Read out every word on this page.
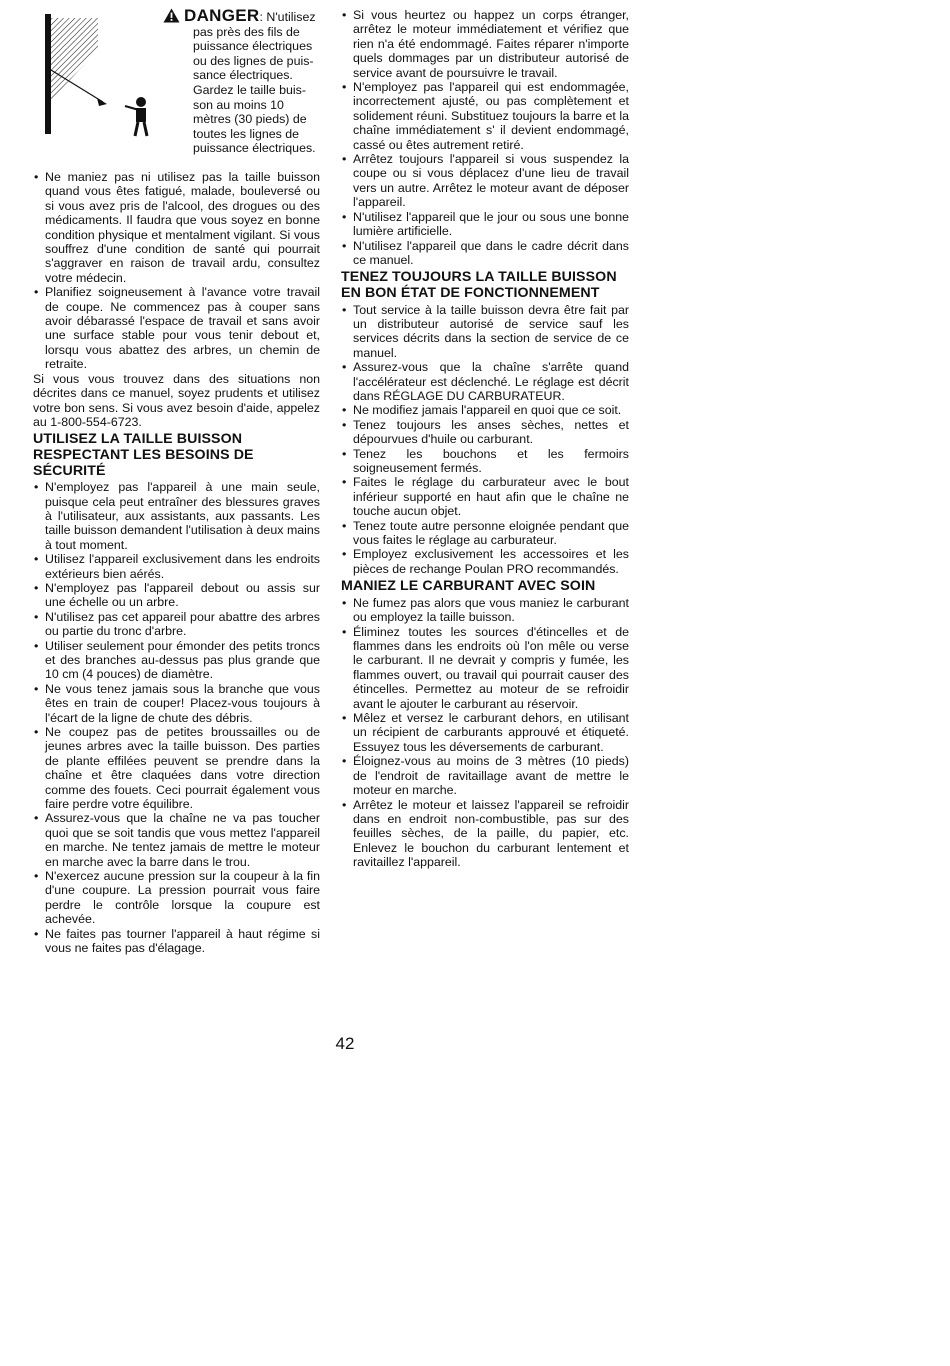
DANGER: N'utilisez

pas près des fils de

puissance électriques

ou des lignes de puis-

sance électriques.

Gardez le taille buis-

son au moins 10

mètres (30 pieds) de

toutes les lignes de

puissance électriques.

• Ne maniez pas ni utilisez pas la taille buisson quand vous êtes fatigué, malade, bouleversé ou si vous avez pris de l'alcool, des drogues ou des médicaments. Il faudra que vous soyez en bonne condition physique et mentalment vigilant. Si vous souffrez d'une condition de santé qui pourrait s'aggraver en raison de travail ardu, consultez votre médecin.
• Planifiez soigneusement à l'avance votre travail de coupe. Ne commencez pas à couper sans avoir débarassé l'espace de travail et sans avoir une surface stable pour vous tenir debout et, lorsqu vous abattez des arbres, un chemin de retraite.

Si vous vous trouvez dans des situations non décrites dans ce manuel, soyez prudents et utilisez votre bon sens. Si vous avez besoin d'aide, appelez au 1-800-554-6723.

UTILISEZ LA TAILLE BUISSON RESPECTANT LES BESOINS DE SÉCURITÉ
• N'employez pas l'appareil à une main seule, puisque cela peut entraîner des blessures graves à l'utilisateur, aux assistants, aux passants. Les taille buisson demandent l'utilisation à deux mains à tout moment.
• Utilisez l'appareil exclusivement dans les endroits extérieurs bien aérés.
• N'employez pas l'appareil debout ou assis sur une échelle ou un arbre.
• N'utilisez pas cet appareil pour abattre des arbres ou partie du tronc d'arbre.
• Utiliser seulement pour émonder des petits troncs et des branches au-dessus pas plus grande que 10 cm (4 pouces) de diamètre.
• Ne vous tenez jamais sous la branche que vous êtes en train de couper! Placez-vous toujours à l'écart de la ligne de chute des débris.
• Ne coupez pas de petites broussailles ou de jeunes arbres avec la taille buisson. Des parties de plante effilées peuvent se prendre dans la chaîne et être claquées dans votre direction comme des fouets. Ceci pourrait également vous faire perdre votre équilibre.
• Assurez-vous que la chaîne ne va pas toucher quoi que se soit tandis que vous mettez l'appareil en marche. Ne tentez jamais de mettre le moteur en marche avec la barre dans le trou.
• N'exercez aucune pression sur la coupeur à la fin d'une coupure. La pression pourrait vous faire perdre le contrôle lorsque la coupure est achevée.
• Ne faites pas tourner l'appareil à haut régime si vous ne faites pas d'élagage.
• Si vous heurtez ou happez un corps étranger, arrêtez le moteur immédiatement et vérifiez que rien n'a été endommagé. Faites réparer n'importe quels dommages par un distributeur autorisé de service avant de poursuivre le travail.
• N'employez pas l'appareil qui est endommagée, incorrectement ajusté, ou pas complètement et solidement réuni. Substituez toujours la barre et la chaîne immédiatement s' il devient endommagé, cassé ou êtes autrement retiré.
• Arrêtez toujours l'appareil si vous suspendez la coupe ou si vous déplacez d'une lieu de travail vers un autre. Arrêtez le moteur avant de déposer l'appareil.
• N'utilisez l'appareil que le jour ou sous une bonne lumière artificielle.
• N'utilisez l'appareil que dans le cadre décrit dans ce manuel.
TENEZ TOUJOURS LA TAILLE BUISSON EN BON ÉTAT DE FONCTIONNEMENT
• Tout service à la taille buisson devra être fait par un distributeur autorisé de service sauf les services décrits dans la section de service de ce manuel.
• Assurez-vous que la chaîne s'arrête quand l'accélérateur est déclenché. Le réglage est décrit dans RÉGLAGE DU CARBURATEUR.
• Ne modifiez jamais l'appareil en quoi que ce soit.
• Tenez toujours les anses sèches, nettes et dépourvues d'huile ou carburant.
• Tenez les bouchons et les fermoirs soigneusement fermés.
• Faites le réglage du carburateur avec le bout inférieur supporté en haut afin que le chaîne ne touche aucun objet.
• Tenez toute autre personne eloignée pendant que vous faites le réglage au carburateur.
• Employez exclusivement les accessoires et les pièces de rechange Poulan PRO recommandés.
MANIEZ LE CARBURANT AVEC SOIN
• Ne fumez pas alors que vous maniez le carburant ou employez la taille buisson.
• Éliminez toutes les sources d'étincelles et de flammes dans les endroits où l'on mêle ou verse le carburant. Il ne devrait y compris y fumée, les flammes ouvert, ou travail qui pourrait causer des étincelles. Permettez au moteur de se refroidir avant le ajouter le carburant au réservoir.
• Mêlez et versez le carburant dehors, en utilisant un récipient de carburants approuvé et étiqueté. Essuyez tous les déversements de carburant.
• Éloignez-vous au moins de 3 mètres (10 pieds) de l'endroit de ravitaillage avant de mettre le moteur en marche.
• Arrêtez le moteur et laissez l'appareil se refroidir dans en endroit non-combustible, pas sur des feuilles sèches, de la paille, du papier, etc. Enlevez le bouchon du carburant lentement et ravitaillez l'appareil.
42
